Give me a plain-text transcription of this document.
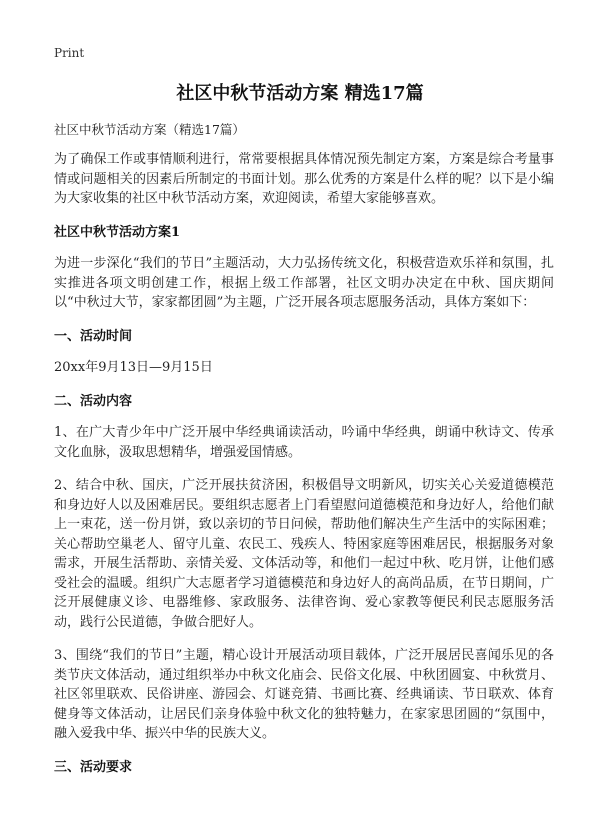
Print
社区中秋节活动方案 精选17篇

社区中秋节活动方案（精选17篇）

为了确保工作或事情顺利进行，常常要根据具体情况预先制定方案，方案是综合考量事情或问题相关的因素后所制定的书面计划。那么优秀的方案是什么样的呢？以下是小编为大家收集的社区中秋节活动方案，欢迎阅读，希望大家能够喜欢。

社区中秋节活动方案1

为进一步深化“我们的节日”主题活动，大力弘扬传统文化，积极营造欢乐祥和氛围，扎实推进各项文明创建工作，根据上级工作部署，社区文明办决定在中秋、国庆期间以“中秋过大节，家家都团圆”为主题，广泛开展各项志愿服务活动，具体方案如下：

一、活动时间

20xx年9月13日—9月15日

二、活动内容

1、在广大青少年中广泛开展中华经典诵读活动，吟诵中华经典，朗诵中秋诗文、传承文化血脉，汲取思想精华，增强爱国情感。

2、结合中秋、国庆，广泛开展扶贫济困，积极倡导文明新风，切实关心关爱道德模范和身边好人以及困难居民。要组织志愿者上门看望慰问道德模范和身边好人，给他们献上一束花，送一份月饼，致以亲切的节日问候，帮助他们解决生产生活中的实际困难；关心帮助空巢老人、留守儿童、农民工、残疾人、特困家庭等困难居民，根据服务对象需求，开展生活帮助、亲情关爱、文体活动等，和他们一起过中秋、吃月饼，让他们感受社会的温暖。组织广大志愿者学习道德模范和身边好人的高尚品质，在节日期间，广泛开展健康义诊、电器维修、家政服务、法律咨询、爱心家教等便民利民志愿服务活动，践行公民道德，争做合肥好人。

3、围绕“我们的节日”主题，精心设计开展活动项目载体，广泛开展居民喜闻乐见的各类节庆文体活动，通过组织举办中秋文化庙会、民俗文化展、中秋团圆宴、中秋赏月、社区邻里联欢、民俗讲座、游园会、灯谜竞猜、书画比赛、经典诵读、节日联欢、体育健身等文体活动，让居民们亲身体验中秋文化的独特魅力，在家家思团圆的“氛围中，融入爱我中华、振兴中华的民族大义。

三、活动要求
